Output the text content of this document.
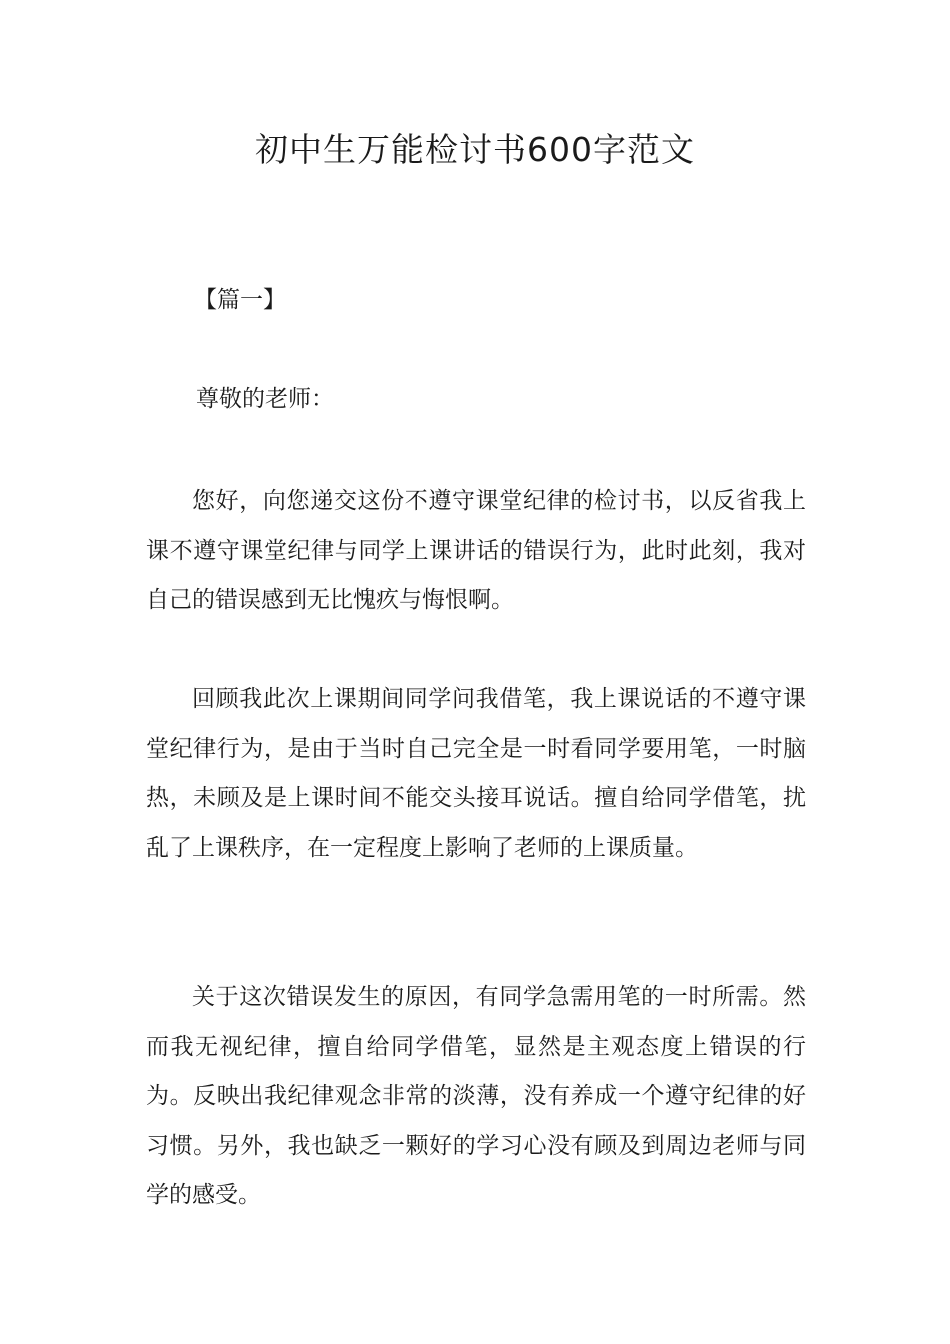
初中生万能检讨书600字范文

【篇一】

尊敬的老师：

您好，向您递交这份不遵守课堂纪律的检讨书，以反省我上课不遵守课堂纪律与同学上课讲话的错误行为，此时此刻，我对自己的错误感到无比愧疚与悔恨啊。

回顾我此次上课期间同学问我借笔，我上课说话的不遵守课堂纪律行为，是由于当时自己完全是一时看同学要用笔，一时脑热，未顾及是上课时间不能交头接耳说话。擅自给同学借笔，扰乱了上课秩序，在一定程度上影响了老师的上课质量。

关于这次错误发生的原因，有同学急需用笔的一时所需。然而我无视纪律，擅自给同学借笔，显然是主观态度上错误的行为。反映出我纪律观念非常的淡薄，没有养成一个遵守纪律的好习惯。另外，我也缺乏一颗好的学习心没有顾及到周边老师与同学的感受。
